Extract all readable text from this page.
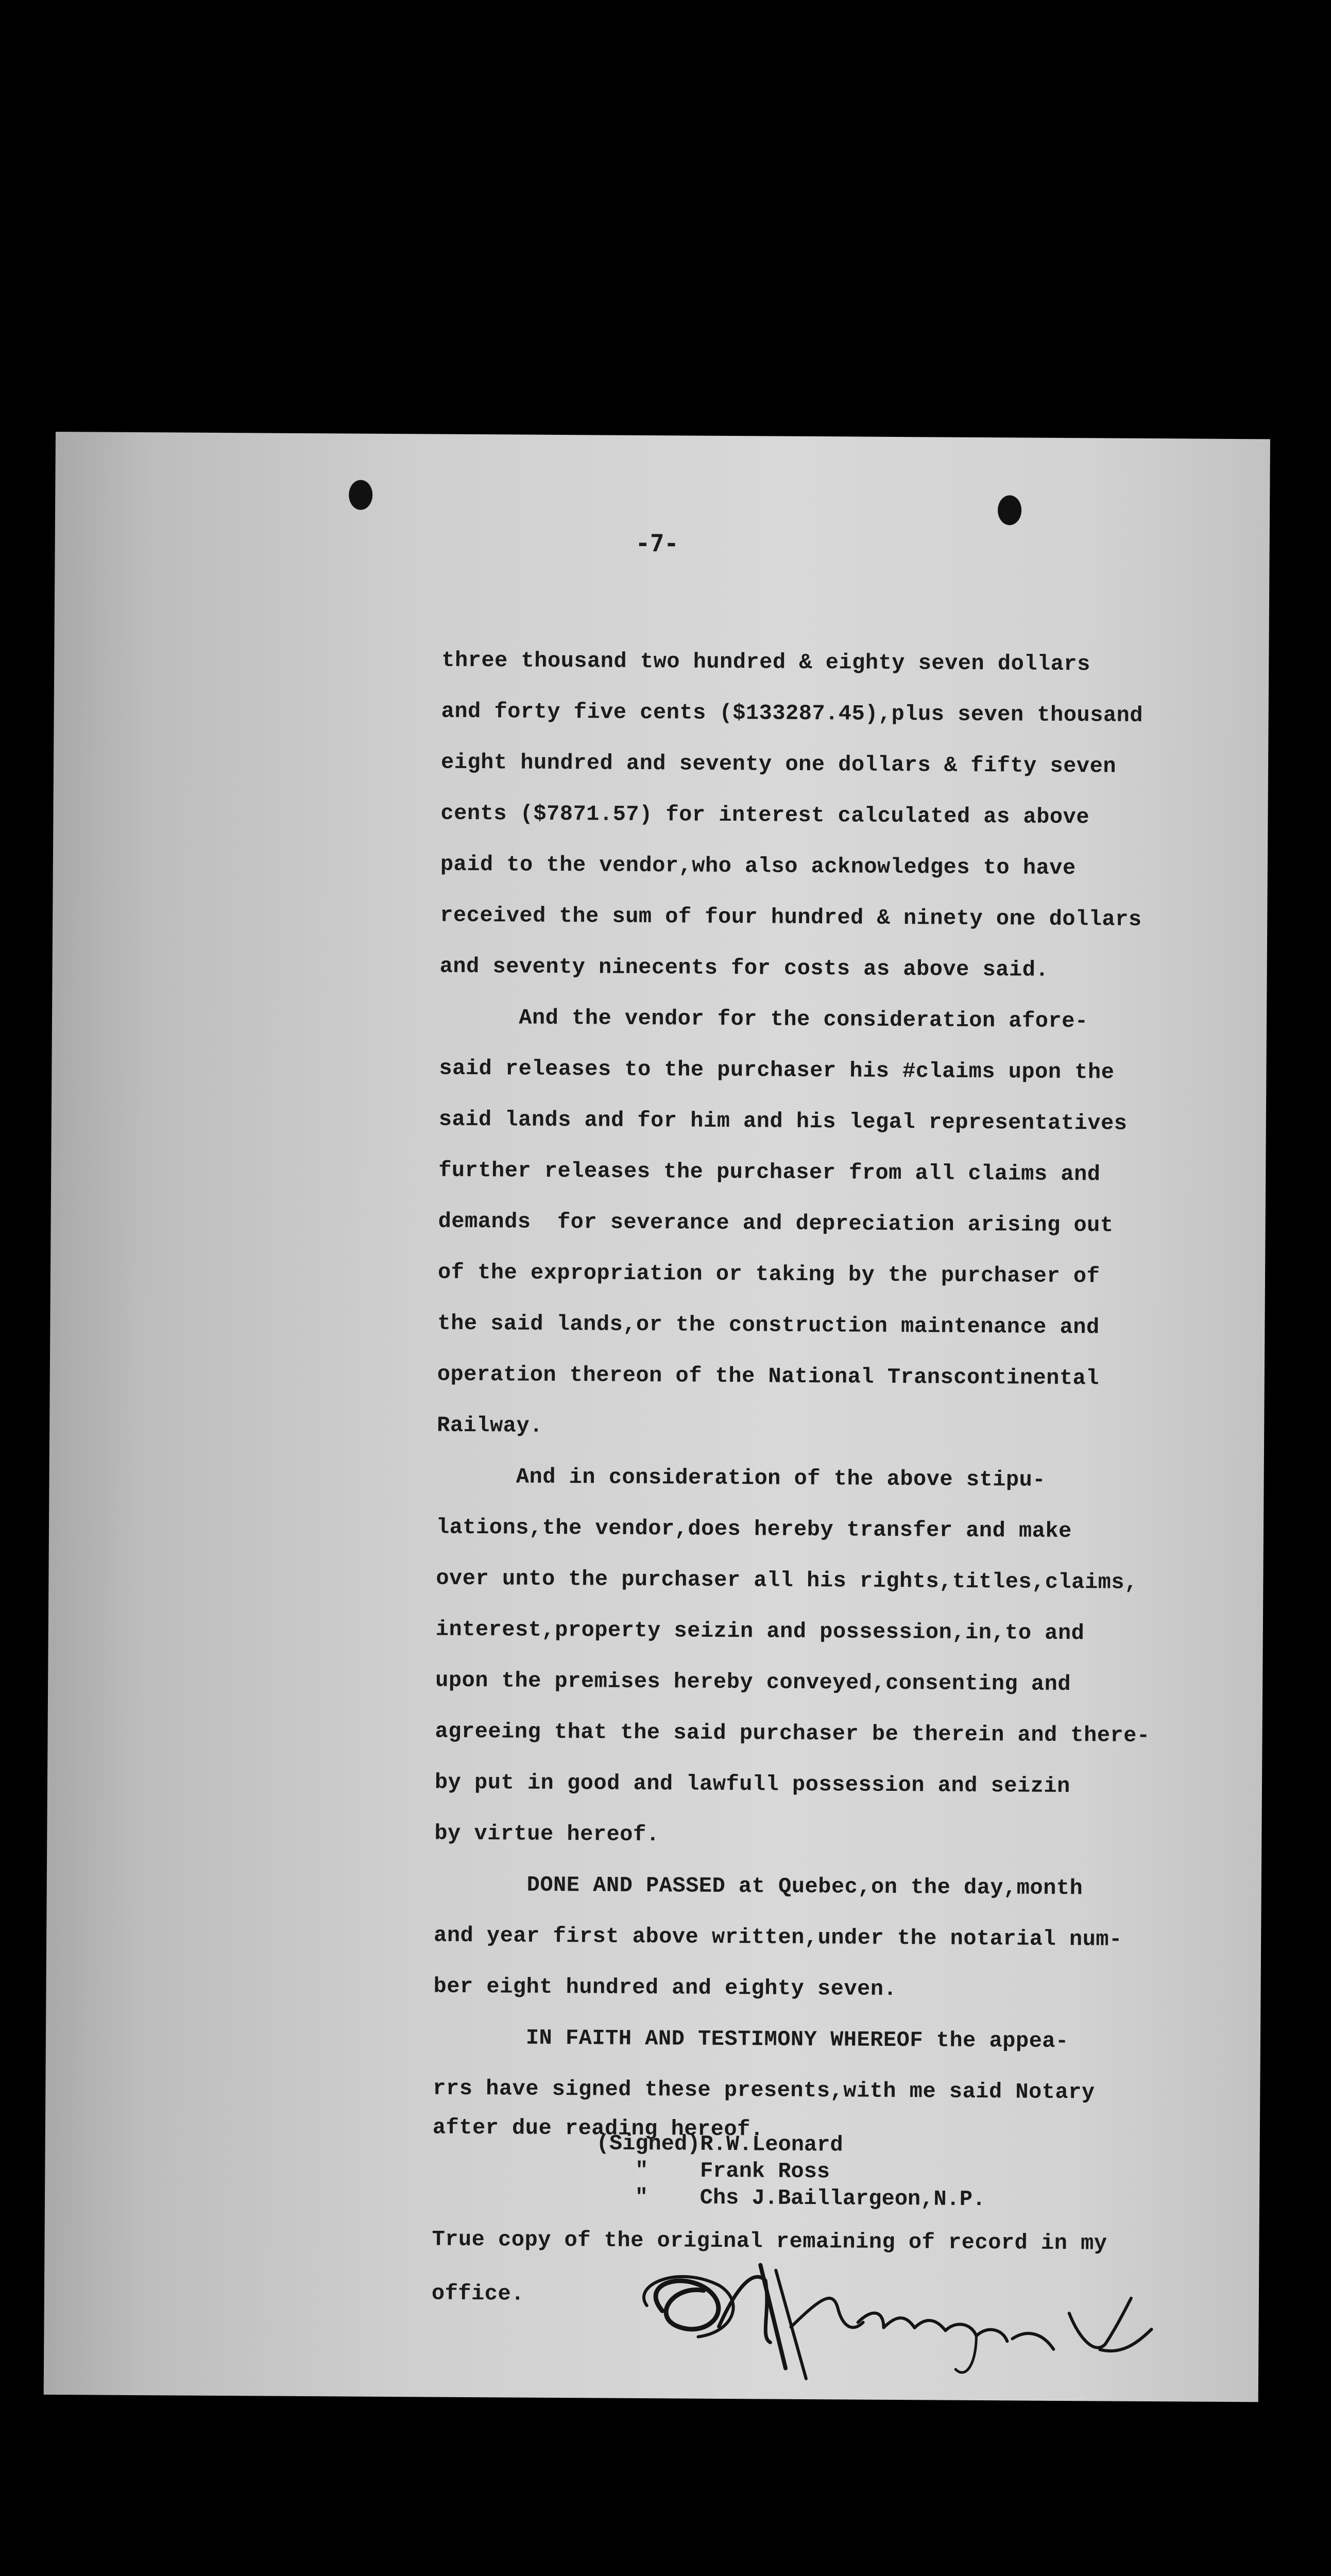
-7-
three thousand two hundred & eighty seven dollars
and forty five cents ($133287.45),plus seven thousand
eight hundred and seventy one dollars & fifty seven
cents ($7871.57) for interest calculated as above
paid to the vendor,who also acknowledges to have
received the sum of four hundred & ninety one dollars
and seventy ninecents for costs as above said.
And the vendor for the consideration afore-
said releases to the purchaser his #claims upon the
said lands and for him and his legal representatives
further releases the purchaser from all claims and
demands  for severance and depreciation arising out
of the expropriation or taking by the purchaser of
the said lands,or the construction maintenance and
operation thereon of the National Transcontinental
Railway.
And in consideration of the above stipu-
lations,the vendor,does hereby transfer and make
over unto the purchaser all his rights,titles,claims,
interest,property seizin and possession,in,to and
upon the premises hereby conveyed,consenting and
agreeing that the said purchaser be therein and there-
by put in good and lawfull possession and seizin
by virtue hereof.
DONE AND PASSED at Quebec,on the day,month
and year first above written,under the notarial num-
ber eight hundred and eighty seven.
IN FAITH AND TESTIMONY WHEREOF the appea-
rrs have signed these presents,with me said Notary
after due reading hereof.
(Signed)R.W.Leonard
"    Frank Ross
"    Chs J.Baillargeon,N.P.
True copy of the original remaining of record in my
office.
